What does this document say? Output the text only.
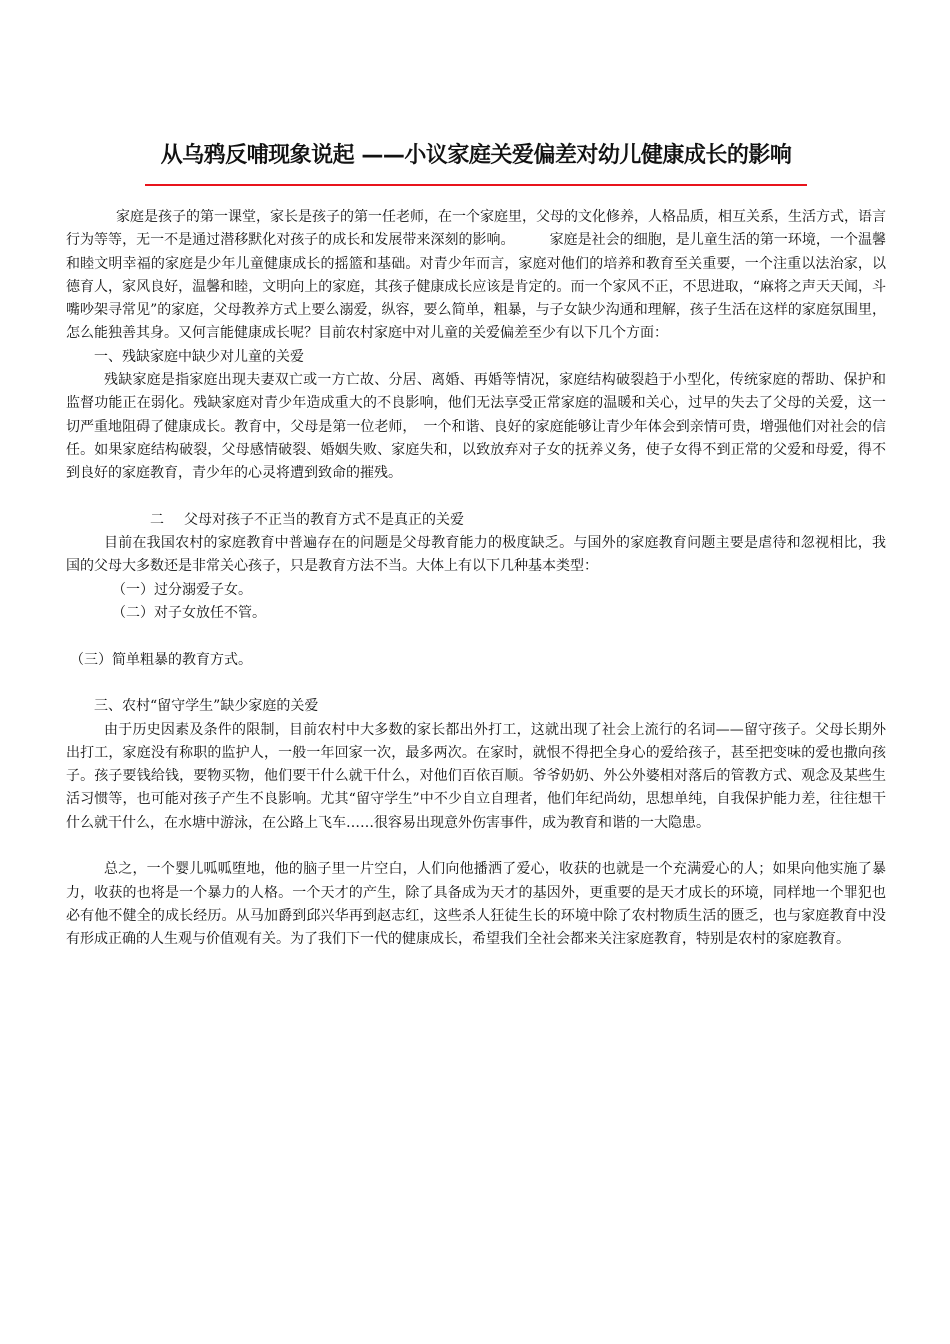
从乌鸦反哺现象说起 ——小议家庭关爱偏差对幼儿健康成长的影响

家庭是孩子的第一课堂，家长是孩子的第一任老师，在一个家庭里，父母的文化修养，人格品质，相互关系，生活方式，语言行为等等，无一不是通过潜移默化对孩子的成长和发展带来深刻的影响。　　　家庭是社会的细胞，是儿童生活的第一环境，一个温馨和睦文明幸福的家庭是少年儿童健康成长的摇篮和基础。对青少年而言，家庭对他们的培养和教育至关重要，一个注重以法治家，以德育人，家风良好，温馨和睦，文明向上的家庭，其孩子健康成长应该是肯定的。而一个家风不正，不思进取，“麻将之声天天闻，斗嘴吵架寻常见”的家庭，父母教养方式上要么溺爱，纵容，要么简单，粗暴，与子女缺少沟通和理解，孩子生活在这样的家庭氛围里，怎么能独善其身。又何言能健康成长呢？目前农村家庭中对儿童的关爱偏差至少有以下几个方面：

一、残缺家庭中缺少对儿童的关爱

残缺家庭是指家庭出现夫妻双亡或一方亡故、分居、离婚、再婚等情况，家庭结构破裂趋于小型化，传统家庭的帮助、保护和监督功能正在弱化。残缺家庭对青少年造成重大的不良影响，他们无法享受正常家庭的温暖和关心，过早的失去了父母的关爱，这一切严重地阻碍了健康成长。教育中，父母是第一位老师，　一个和谐、良好的家庭能够让青少年体会到亲情可贵，增强他们对社会的信任。如果家庭结构破裂，父母感情破裂、婚姻失败、家庭失和，以致放弃对子女的抚养义务，使子女得不到正常的父爱和母爱，得不到良好的家庭教育，青少年的心灵将遭到致命的摧残。

二 父母对孩子不正当的教育方式不是真正的关爱

目前在我国农村的家庭教育中普遍存在的问题是父母教育能力的极度缺乏。与国外的家庭教育问题主要是虐待和忽视相比，我国的父母大多数还是非常关心孩子，只是教育方法不当。大体上有以下几种基本类型：

（一）过分溺爱子女。

（二）对子女放任不管。

（三）简单粗暴的教育方式。

三、农村“留守学生”缺少家庭的关爱

由于历史因素及条件的限制，目前农村中大多数的家长都出外打工，这就出现了社会上流行的名词——留守孩子。父母长期外出打工，家庭没有称职的监护人，一般一年回家一次，最多两次。在家时，就恨不得把全身心的爱给孩子，甚至把变味的爱也撒向孩子。孩子要钱给钱，要物买物，他们要干什么就干什么，对他们百依百顺。爷爷奶奶、外公外婆相对落后的管教方式、观念及某些生活习惯等，也可能对孩子产生不良影响。尤其“留守学生”中不少自立自理者，他们年纪尚幼，思想单纯，自我保护能力差，往往想干什么就干什么，在水塘中游泳，在公路上飞车……很容易出现意外伤害事件，成为教育和谐的一大隐患。

总之，一个婴儿呱呱堕地，他的脑子里一片空白，人们向他播洒了爱心，收获的也就是一个充满爱心的人；如果向他实施了暴力，收获的也将是一个暴力的人格。一个天才的产生，除了具备成为天才的基因外，更重要的是天才成长的环境，同样地一个罪犯也必有他不健全的成长经历。从马加爵到邱兴华再到赵志红，这些杀人狂徒生长的环境中除了农村物质生活的匮乏，也与家庭教育中没有形成正确的人生观与价值观有关。为了我们下一代的健康成长，希望我们全社会都来关注家庭教育，特别是农村的家庭教育。
